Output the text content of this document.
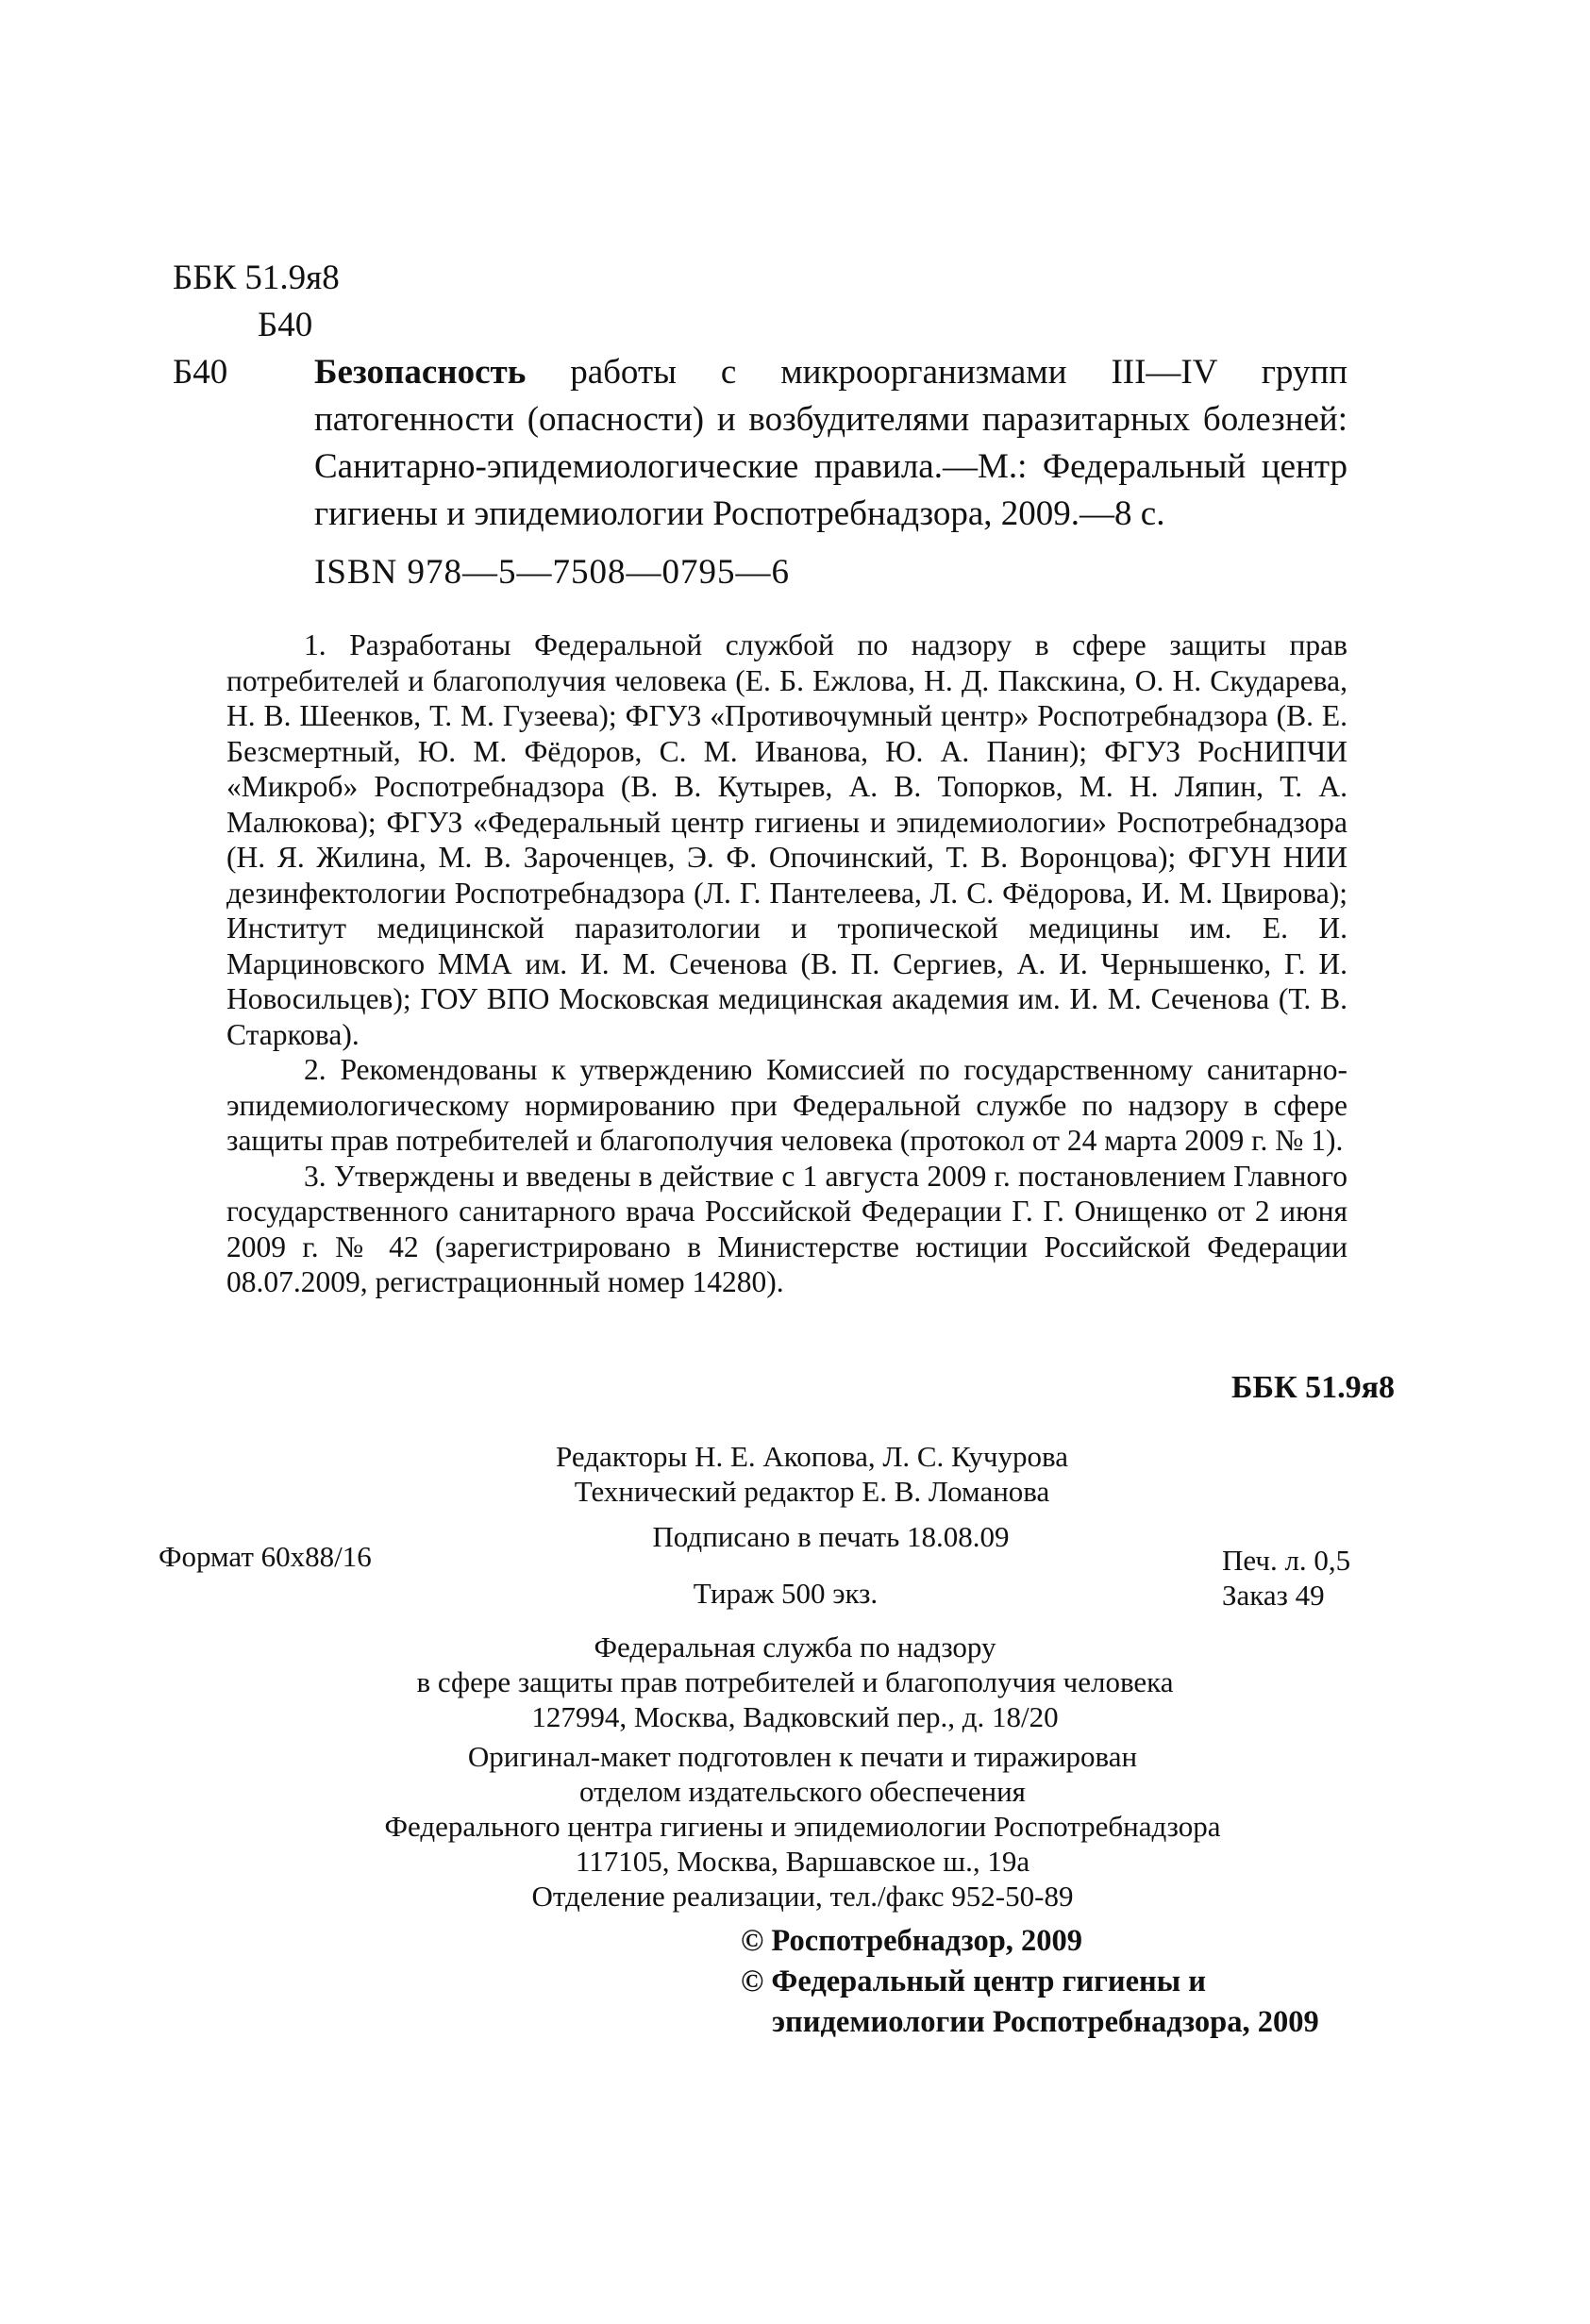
ББК 51.9я8
Б40
Б40 Безопасность работы с микроорганизмами III—IV групп патогенности (опасности) и возбудителями паразитарных болезней: Санитарно-эпидемиологические правила.—М.: Федеральный центр гигиены и эпидемиологии Роспотребнадзора, 2009.—8 с.
ISBN 978—5—7508—0795—6

1. Разработаны Федеральной службой по надзору в сфере защиты прав потребителей и благополучия человека (Е. Б. Ежлова, Н. Д. Пакскина, О. Н. Скударева, Н. В. Шеенков, Т. М. Гузеева); ФГУЗ «Противочумный центр» Роспотребнадзора (В. Е. Безсмертный, Ю. М. Фёдоров, С. М. Иванова, Ю. А. Панин); ФГУЗ РосНИПЧИ «Микроб» Роспотребнадзора (В. В. Кутырев, А. В. Топорков, М. Н. Ляпин, Т. А. Малюкова); ФГУЗ «Федеральный центр гигиены и эпидемиологии» Роспотребнадзора (Н. Я. Жилина, М. В. Зароченцев, Э. Ф. Опочинский, Т. В. Воронцова); ФГУН НИИ дезинфектологии Роспотребнадзора (Л. Г. Пантелеева, Л. С. Фёдорова, И. М. Цвирова); Институт медицинской паразитологии и тропической медицины им. Е. И. Марциновского ММА им. И. М. Сеченова (В. П. Сергиев, А. И. Чернышенко, Г. И. Новосильцев); ГОУ ВПО Московская медицинская академия им. И. М. Сеченова (Т. В. Старкова).

2. Рекомендованы к утверждению Комиссией по государственному санитарно-эпидемиологическому нормированию при Федеральной службе по надзору в сфере защиты прав потребителей и благополучия человека (протокол от 24 марта 2009 г. № 1).

3. Утверждены и введены в действие с 1 августа 2009 г. постановлением Главного государственного санитарного врача Российской Федерации Г. Г. Онищенко от 2 июня 2009 г. № 42 (зарегистрировано в Министерстве юстиции Российской Федерации 08.07.2009, регистрационный номер 14280).

ББК 51.9я8
Редакторы Н. Е. Акопова, Л. С. Кучурова
Технический редактор Е. В. Ломанова
Подписано в печать 18.08.09
Формат 60x88/16	Печ. л. 0,5
Заказ 49
Тираж 500 экз.
Федеральная служба по надзору
в сфере защиты прав потребителей и благополучия человека
127994, Москва, Вадковский пер., д. 18/20
Оригинал-макет подготовлен к печати и тиражирован
отделом издательского обеспечения
Федерального центра гигиены и эпидемиологии Роспотребнадзора
117105, Москва, Варшавское ш., 19а
Отделение реализации, тел./факс 952-50-89
© Роспотребнадзор, 2009
© Федеральный центр гигиены и
эпидемиологии Роспотребнадзора, 2009
